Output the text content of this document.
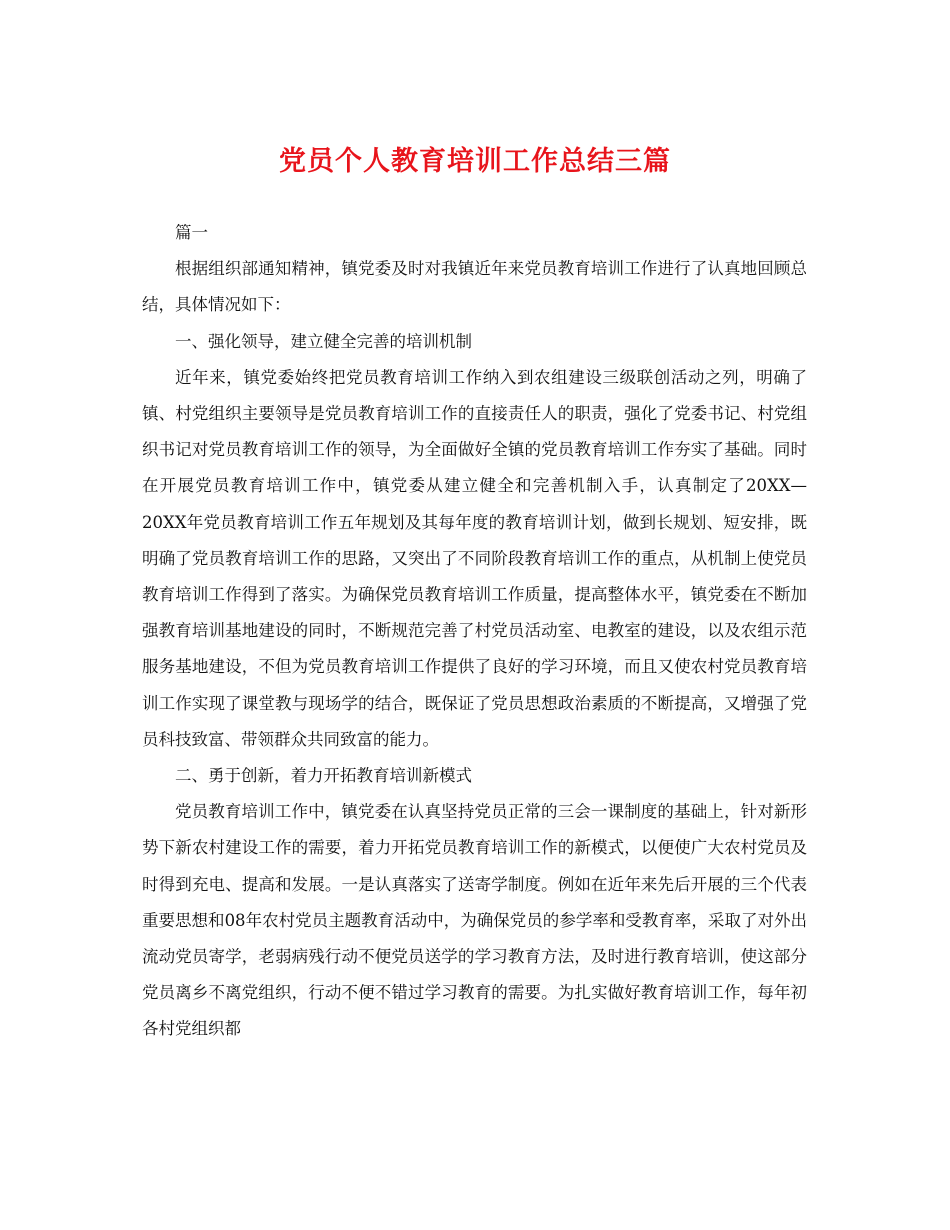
党员个人教育培训工作总结三篇

篇一

根据组织部通知精神，镇党委及时对我镇近年来党员教育培训工作进行了认真地回顾总结，具体情况如下：

一、强化领导，建立健全完善的培训机制

近年来，镇党委始终把党员教育培训工作纳入到农组建设三级联创活动之列，明确了镇、村党组织主要领导是党员教育培训工作的直接责任人的职责，强化了党委书记、村党组织书记对党员教育培训工作的领导，为全面做好全镇的党员教育培训工作夯实了基础。同时在开展党员教育培训工作中，镇党委从建立健全和完善机制入手，认真制定了20XX—20XX年党员教育培训工作五年规划及其每年度的教育培训计划，做到长规划、短安排，既明确了党员教育培训工作的思路，又突出了不同阶段教育培训工作的重点，从机制上使党员教育培训工作得到了落实。为确保党员教育培训工作质量，提高整体水平，镇党委在不断加强教育培训基地建设的同时，不断规范完善了村党员活动室、电教室的建设，以及农组示范服务基地建设，不但为党员教育培训工作提供了良好的学习环境，而且又使农村党员教育培训工作实现了课堂教与现场学的结合，既保证了党员思想政治素质的不断提高，又增强了党员科技致富、带领群众共同致富的能力。

二、勇于创新，着力开拓教育培训新模式

党员教育培训工作中，镇党委在认真坚持党员正常的三会一课制度的基础上，针对新形势下新农村建设工作的需要，着力开拓党员教育培训工作的新模式，以便使广大农村党员及时得到充电、提高和发展。一是认真落实了送寄学制度。例如在近年来先后开展的三个代表重要思想和08年农村党员主题教育活动中，为确保党员的参学率和受教育率，采取了对外出流动党员寄学，老弱病残行动不便党员送学的学习教育方法，及时进行教育培训，使这部分党员离乡不离党组织，行动不便不错过学习教育的需要。为扎实做好教育培训工作，每年初各村党组织都
